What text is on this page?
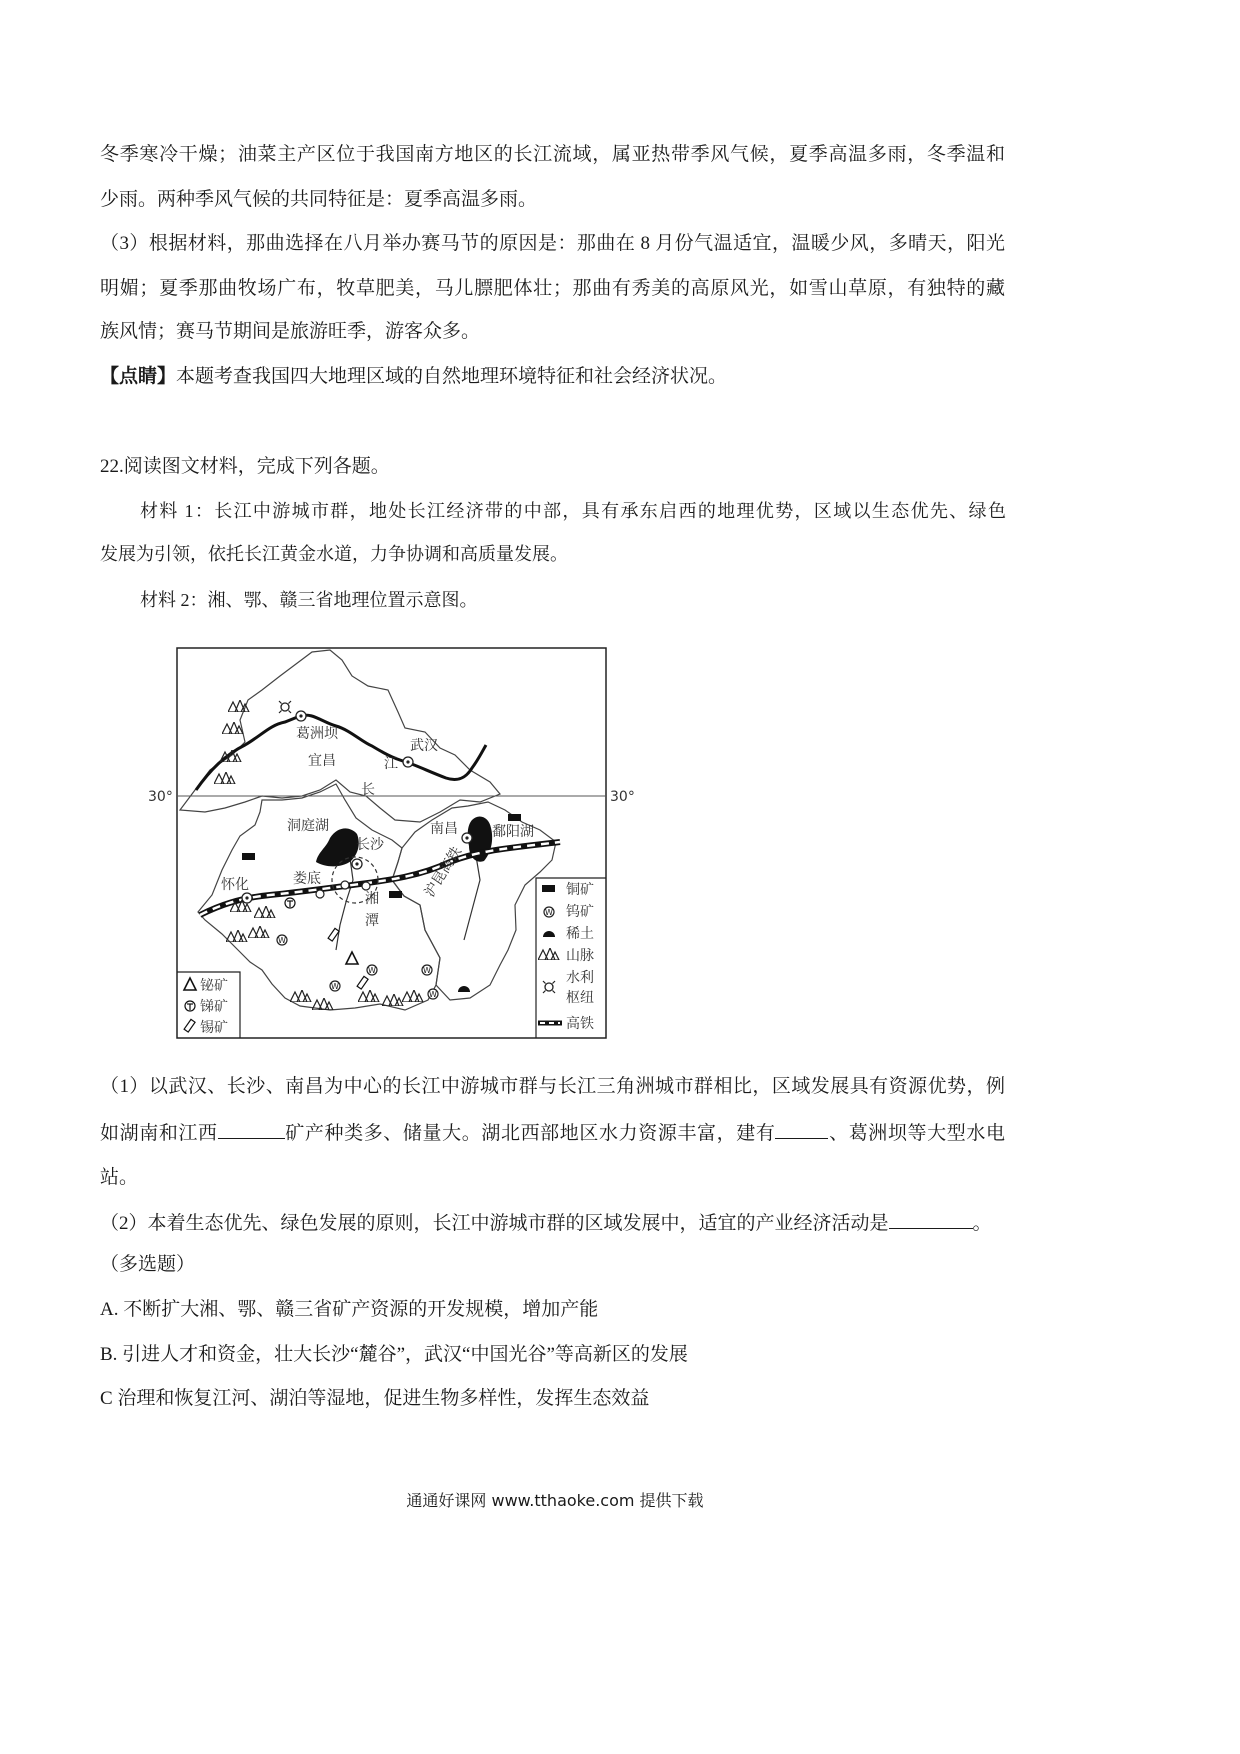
冬季寒冷干燥；油菜主产区位于我国南方地区的长江流域，属亚热带季风气候，夏季高温多雨，冬季温和
少雨。两种季风气候的共同特征是：夏季高温多雨。
（3）根据材料，那曲选择在八月举办赛马节的原因是：那曲在 8 月份气温适宜，温暖少风，多晴天，阳光
明媚；夏季那曲牧场广布，牧草肥美，马儿膘肥体壮；那曲有秀美的高原风光，如雪山草原，有独特的藏
族风情；赛马节期间是旅游旺季，游客众多。
【点睛】本题考查我国四大地理区域的自然地理环境特征和社会经济状况。
22.阅读图文材料，完成下列各题。
材料 1：长江中游城市群，地处长江经济带的中部，具有承东启西的地理优势，区域以生态优先、绿色
发展为引领，依托长江黄金水道，力争协调和高质量发展。
材料 2：湘、鄂、赣三省地理位置示意图。
30°	30°
沪昆高铁
葛洲坝
宜昌
武汉
江
长
洞庭湖
长沙
南昌 鄱阳湖
怀化	娄底
湘
潭
铜矿
钨矿
稀土
山脉
水利
枢纽
高铁
铋矿
锑矿
锡矿
（1）以武汉、长沙、南昌为中心的长江中游城市群与长江三角洲城市群相比，区域发展具有资源优势，例
如湖南和江西	矿产种类多、储量大。湖北西部地区水力资源丰富，建有	、葛洲坝等大型水电
站。
（2）本着生态优先、绿色发展的原则，长江中游城市群的区域发展中，适宜的产业经济活动是	。
（多选题）
A. 不断扩大湘、鄂、赣三省矿产资源的开发规模，增加产能
B. 引进人才和资金，壮大长沙“麓谷”，武汉“中国光谷”等高新区的发展
C 治理和恢复江河、湖泊等湿地，促进生物多样性，发挥生态效益
通通好课网 www.tthaoke.com 提供下载
